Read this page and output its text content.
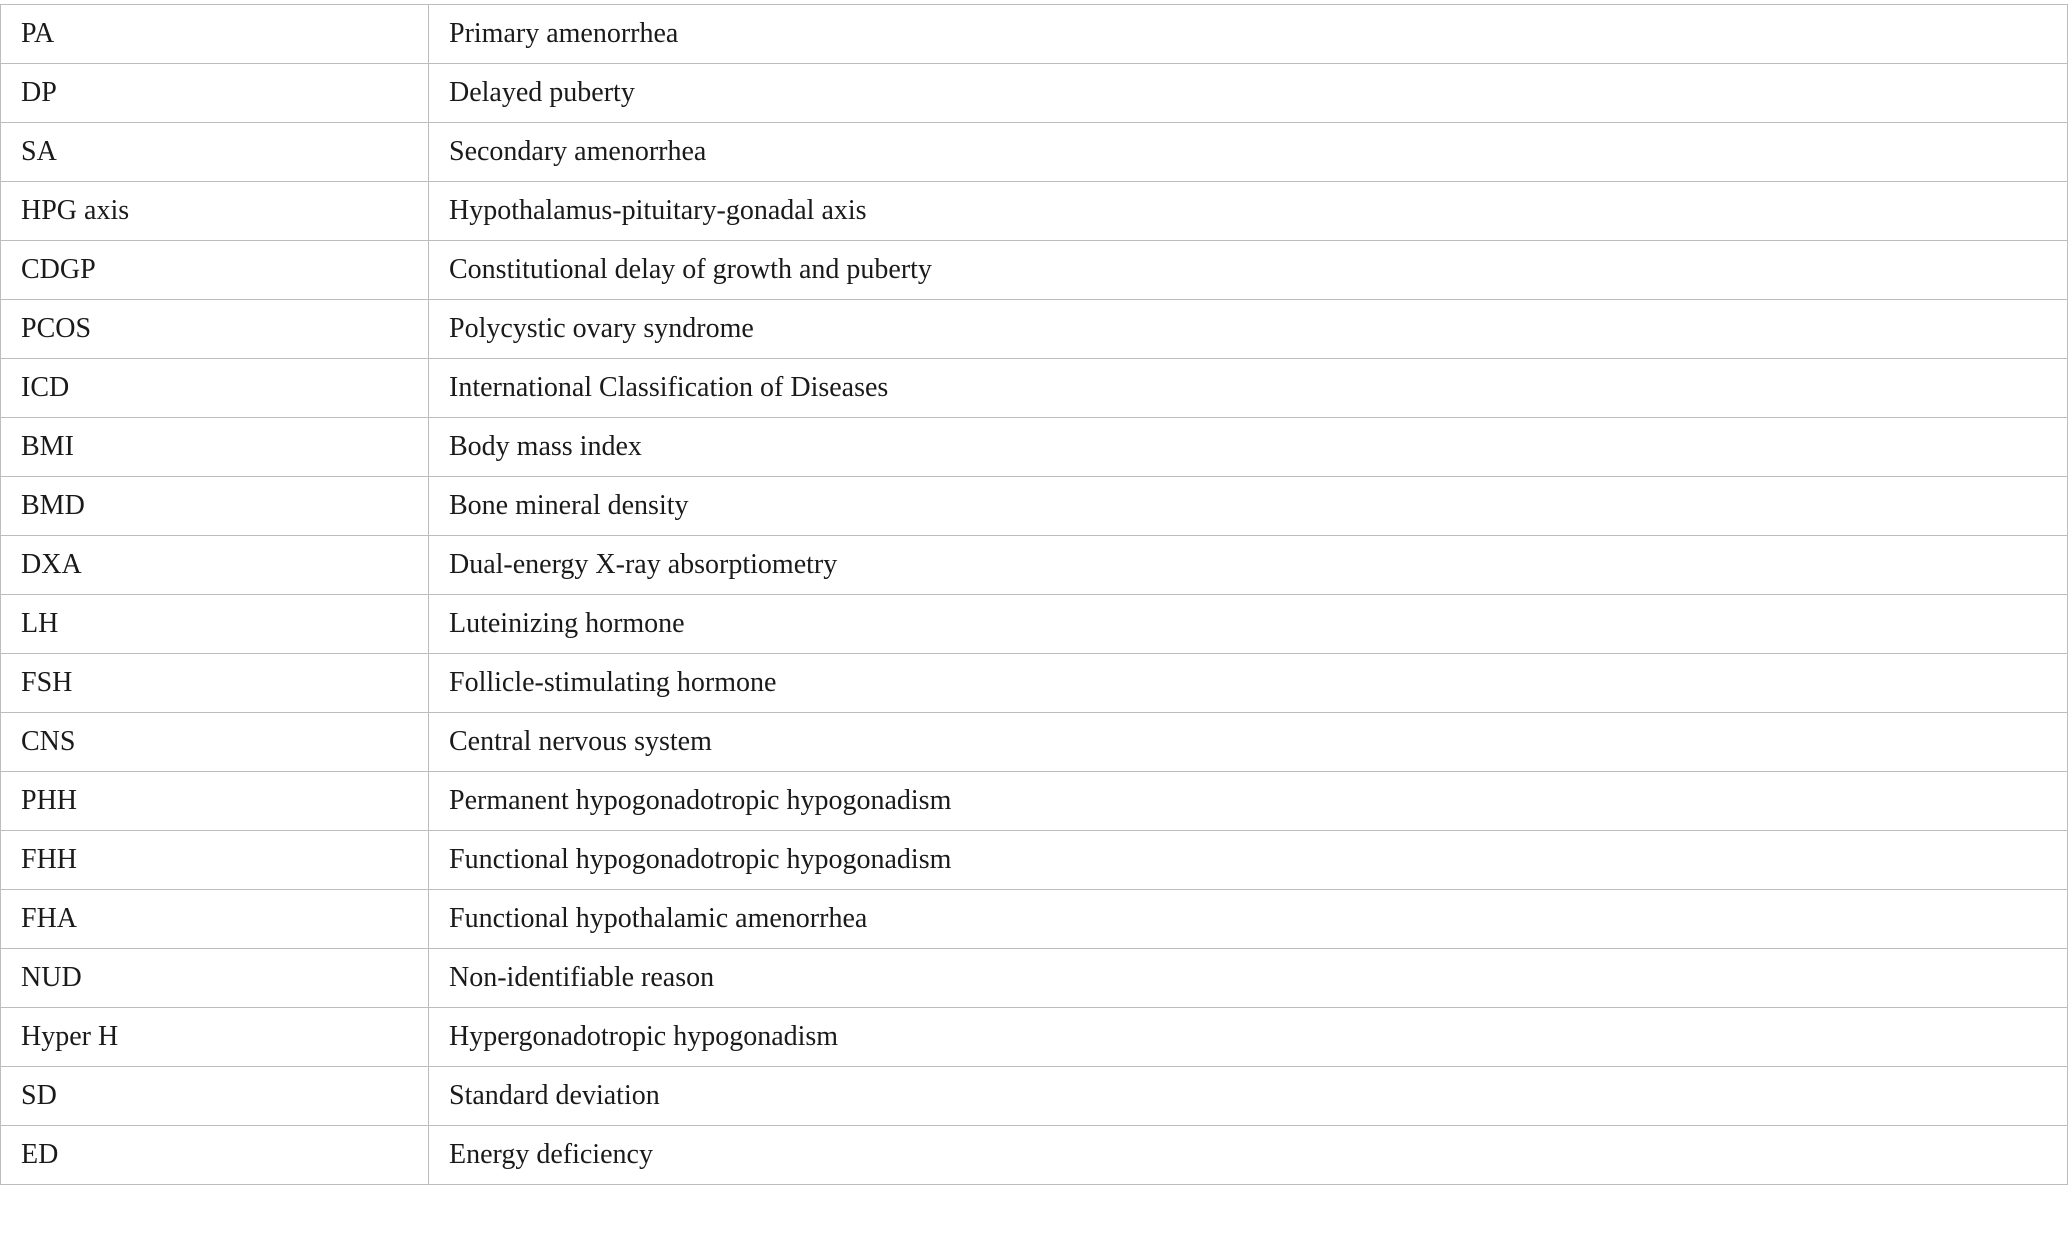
PA	Primary amenorrhea
DP	Delayed puberty
SA	Secondary amenorrhea
HPG axis	Hypothalamus-pituitary-gonadal axis
CDGP	Constitutional delay of growth and puberty
PCOS	Polycystic ovary syndrome
ICD	International Classification of Diseases
BMI	Body mass index
BMD	Bone mineral density
DXA	Dual-energy X-ray absorptiometry
LH	Luteinizing hormone
FSH	Follicle-stimulating hormone
CNS	Central nervous system
PHH	Permanent hypogonadotropic hypogonadism
FHH	Functional hypogonadotropic hypogonadism
FHA	Functional hypothalamic amenorrhea
NUD	Non-identifiable reason
Hyper H	Hypergonadotropic hypogonadism
SD	Standard deviation
ED	Energy deficiency
